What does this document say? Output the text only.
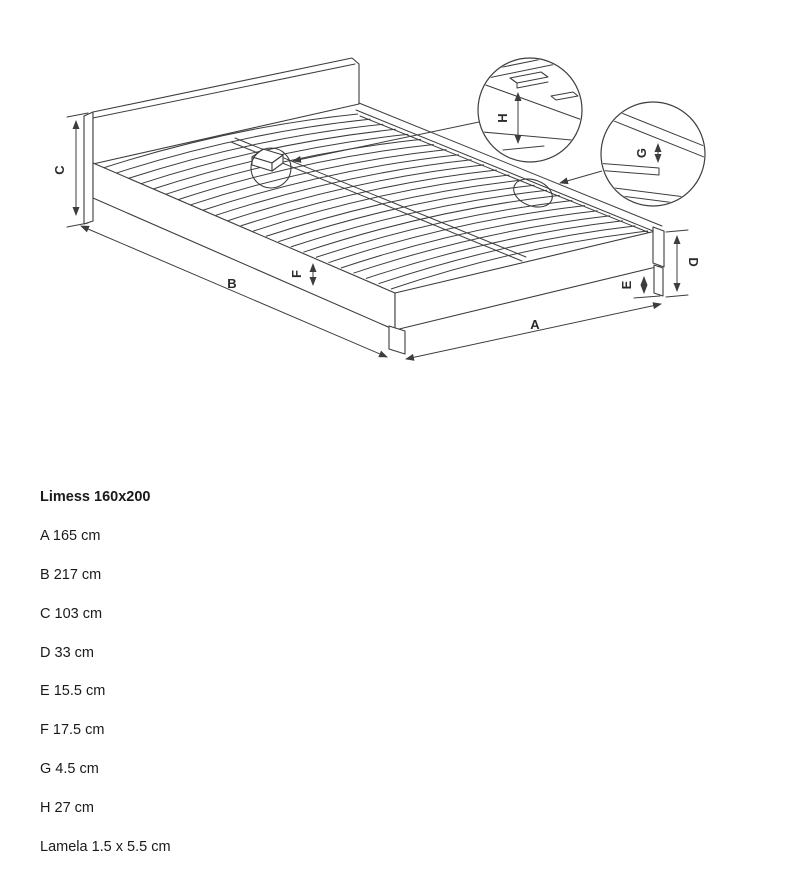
H
G
C
B
A
D
E
F
Limess 160x200
A 165 cm
B 217 cm
C 103 cm
D 33 cm
E 15.5 cm
F 17.5 cm
G 4.5 cm
H 27 cm
Lamela 1.5 x 5.5 cm
